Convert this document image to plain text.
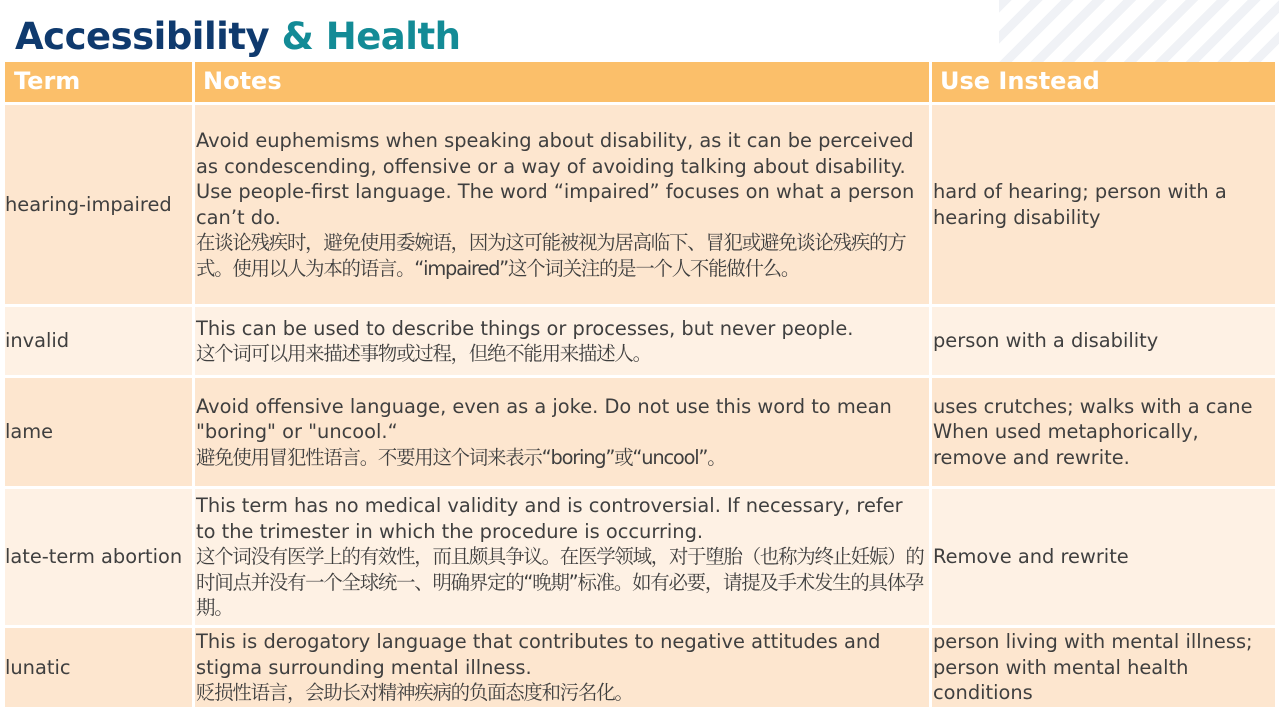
Accessibility & Health
Term	Notes	Use Instead
hearing-impaired
Avoid euphemisms when speaking about disability, as it can be perceived as condescending, offensive or a way of avoiding talking about disability. Use people-first language. The word “impaired” focuses on what a person can’t do.
在谈论残疾时，避免使用委婉语，因为这可能被视为居高临下、冒犯或避免谈论残疾的方式。使用以人为本的语言。“impaired”这个词关注的是一个人不能做什么。
hard of hearing; person with a hearing disability
invalid
This can be used to describe things or processes, but never people.
这个词可以用来描述事物或过程，但绝不能用来描述人。
person with a disability
lame
Avoid offensive language, even as a joke. Do not use this word to mean "boring" or "uncool.“
避免使用冒犯性语言。不要用这个词来表示“boring”或“uncool”。
uses crutches; walks with a cane When used metaphorically, remove and rewrite.
late-term abortion
This term has no medical validity and is controversial. If necessary, refer to the trimester in which the procedure is occurring.
这个词没有医学上的有效性，而且颇具争议。在医学领域，对于堕胎（也称为终止妊娠）的时间点并没有一个全球统一、明确界定的“晚期”标准。如有必要，请提及手术发生的具体孕期。
Remove and rewrite
lunatic
This is derogatory language that contributes to negative attitudes and stigma surrounding mental illness.
贬损性语言，会助长对精神疾病的负面态度和污名化。
person living with mental illness; person with mental health conditions
